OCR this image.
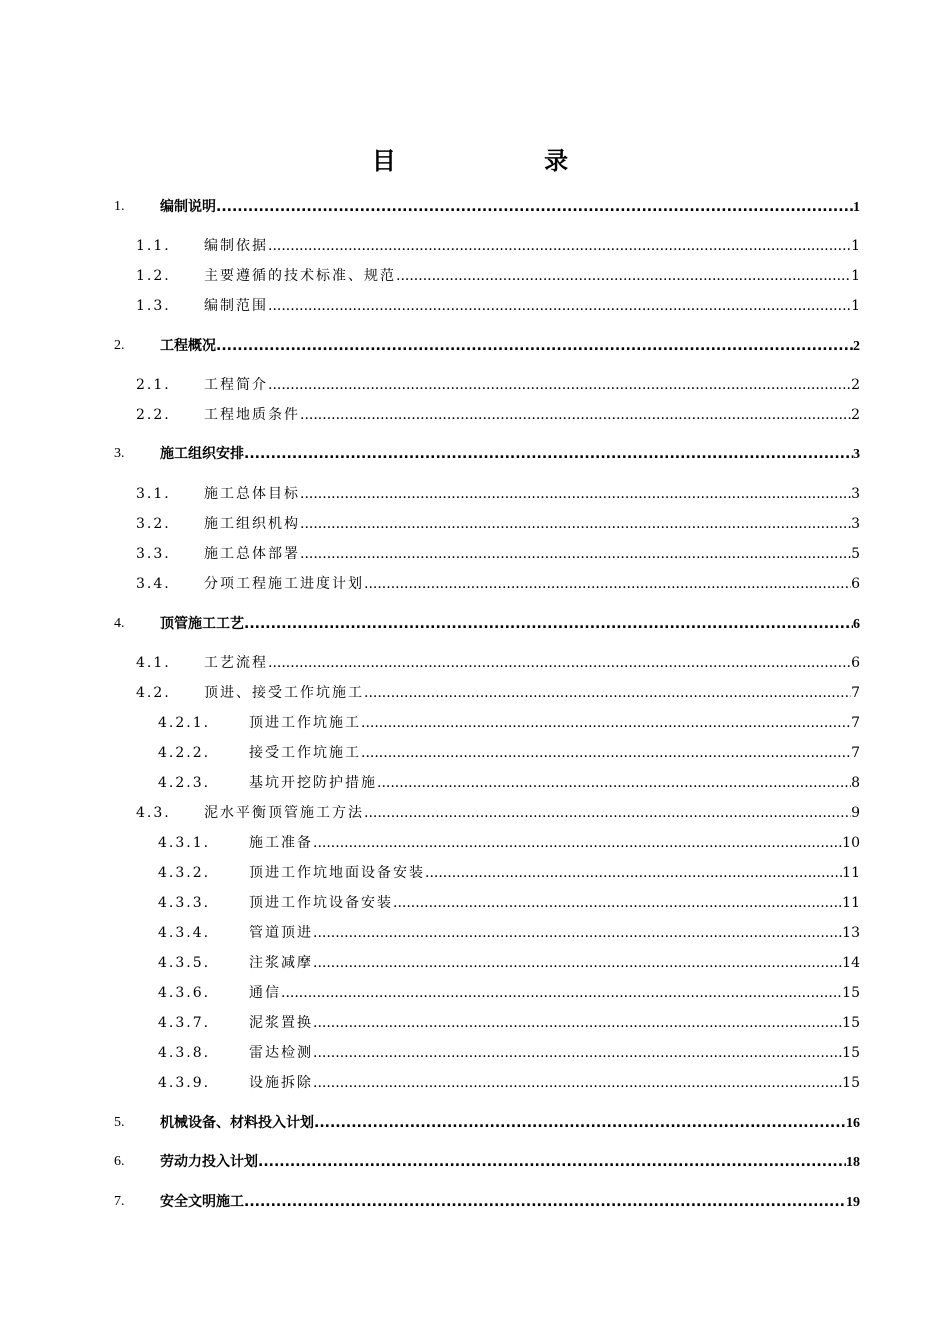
目 录
1.	编制说明 .....	1
1.1. 编制依据 .....	1
1.2. 主要遵循的技术标准、规范 .....	1
1.3. 编制范围 .....	1
2.	工程概况 .....	2
2.1. 工程简介 .....	2
2.2. 工程地质条件 .....	2
3.	施工组织安排 .....	3
3.1. 施工总体目标 .....	3
3.2. 施工组织机构 .....	3
3.3. 施工总体部署 .....	5
3.4. 分项工程施工进度计划 .....	6
4.	顶管施工工艺 .....	6
4.1. 工艺流程 .....	6
4.2. 顶进、接受工作坑施工 .....	7
4.2.1.	顶进工作坑施工 .....	7
4.2.2.	接受工作坑施工 .....	7
4.2.3.	基坑开挖防护措施 .....	8
4.3. 泥水平衡顶管施工方法 .....	9
4.3.1.	施工准备 .....	10
4.3.2.	顶进工作坑地面设备安装 .....	11
4.3.3.	顶进工作坑设备安装 .....	11
4.3.4.	管道顶进 .....	13
4.3.5.	注浆减摩 .....	14
4.3.6.	通信 .....	15
4.3.7.	泥浆置换 .....	15
4.3.8.	雷达检测 .....	15
4.3.9.	设施拆除 .....	15
5.	机械设备、材料投入计划 .....	16
6.	劳动力投入计划 .....	18
7.	安全文明施工 .....	19
